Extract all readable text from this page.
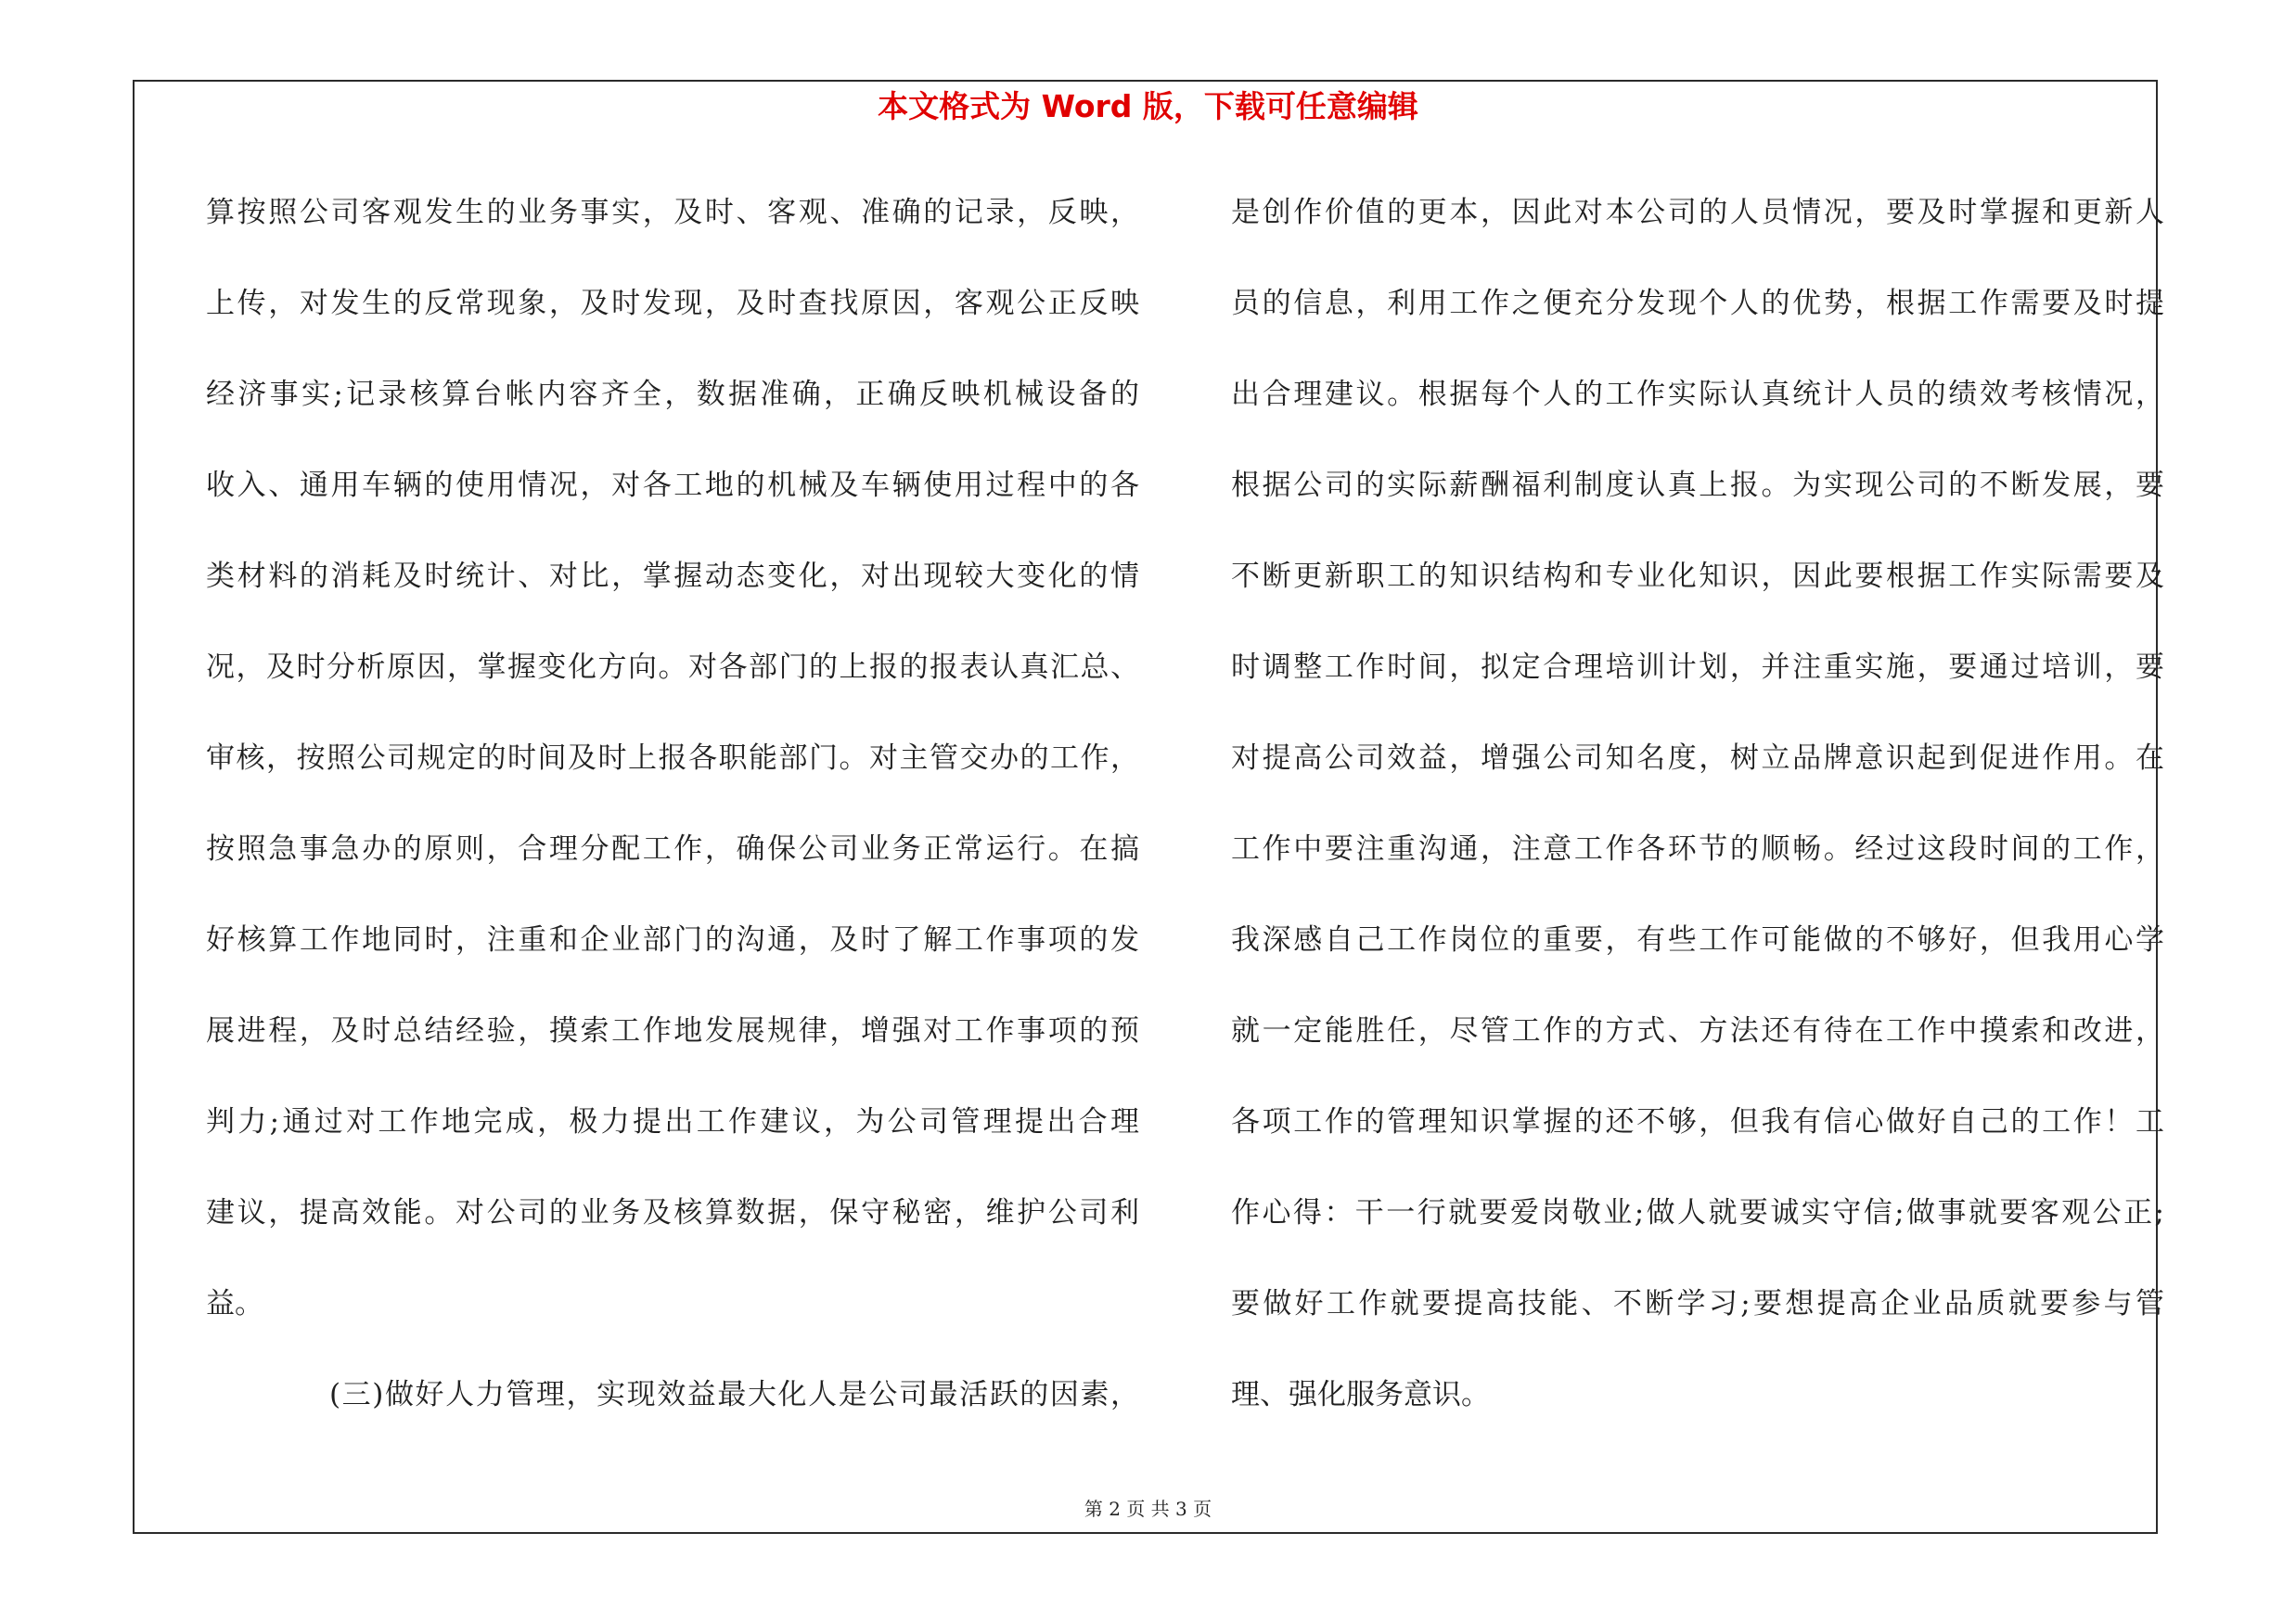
本文格式为 Word 版，下载可任意编辑
算按照公司客观发生的业务事实，及时、客观、准确的记录，反映，
上传，对发生的反常现象，及时发现，及时查找原因，客观公正反映
经济事实;记录核算台帐内容齐全，数据准确，正确反映机械设备的
收入、通用车辆的使用情况，对各工地的机械及车辆使用过程中的各
类材料的消耗及时统计、对比，掌握动态变化，对出现较大变化的情
况，及时分析原因，掌握变化方向。对各部门的上报的报表认真汇总、
审核，按照公司规定的时间及时上报各职能部门。对主管交办的工作，
按照急事急办的原则，合理分配工作，确保公司业务正常运行。在搞
好核算工作地同时，注重和企业部门的沟通，及时了解工作事项的发
展进程，及时总结经验，摸索工作地发展规律，增强对工作事项的预
判力;通过对工作地完成，极力提出工作建议，为公司管理提出合理
建议，提高效能。对公司的业务及核算数据，保守秘密，维护公司利
益。
(三)做好人力管理，实现效益最大化人是公司最活跃的因素，
是创作价值的更本，因此对本公司的人员情况，要及时掌握和更新人
员的信息，利用工作之便充分发现个人的优势，根据工作需要及时提
出合理建议。根据每个人的工作实际认真统计人员的绩效考核情况，
根据公司的实际薪酬福利制度认真上报。为实现公司的不断发展，要
不断更新职工的知识结构和专业化知识，因此要根据工作实际需要及
时调整工作时间，拟定合理培训计划，并注重实施，要通过培训，要
对提高公司效益，增强公司知名度，树立品牌意识起到促进作用。在
工作中要注重沟通，注意工作各环节的顺畅。经过这段时间的工作，
我深感自己工作岗位的重要，有些工作可能做的不够好，但我用心学
就一定能胜任，尽管工作的方式、方法还有待在工作中摸索和改进，
各项工作的管理知识掌握的还不够，但我有信心做好自己的工作！工
作心得：干一行就要爱岗敬业;做人就要诚实守信;做事就要客观公正;
要做好工作就要提高技能、不断学习;要想提高企业品质就要参与管
理、强化服务意识。
第 2 页 共 3 页
